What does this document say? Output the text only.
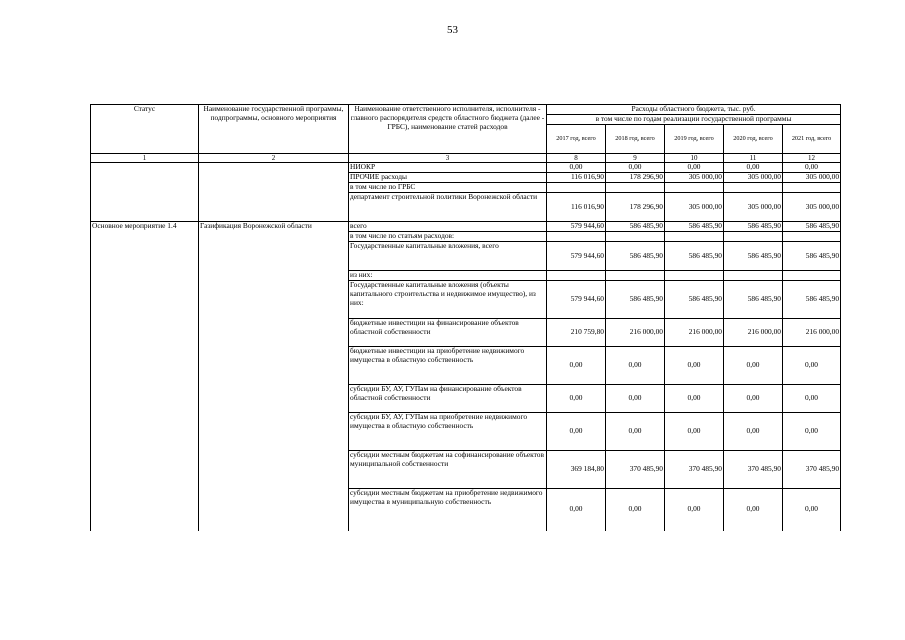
53
Статус	Наименование государственной программы, подпрограммы, основного мероприятия	Наименование ответственного исполнителя, исполнителя - главного распорядителя средств областного бюджета (далее - ГРБС), наименование статей расходов	Расходы областного бюджета, тыс. руб.				
			в том числе по годам реализации государственной программы				
			2017 год, всего	2018 год, всего	2019 год, всего	2020 год, всего	2021 год, всего
1	2	3	8	9	10	11	12
		НИОКР	0,00	0,00	0,00	0,00	0,00
		ПРОЧИЕ расходы	116 016,90	178 296,90	305 000,00	305 000,00	305 000,00
		в том числе по ГРБС					
		департамент строительной политики Воронежской области	116 016,90	178 296,90	305 000,00	305 000,00	305 000,00
Основное мероприятие 1.4	Газификация Воронежской области	всего	579 944,60	586 485,90	586 485,90	586 485,90	586 485,90
		в том числе по статьям расходов:					
		Государственные капитальные вложения, всего	579 944,60	586 485,90	586 485,90	586 485,90	586 485,90
		из них:					
		Государственные капитальные вложения (объекты капитального строительства и недвижимое имущество), из них:	579 944,60	586 485,90	586 485,90	586 485,90	586 485,90
		бюджетные инвестиции на финансирование объектов областной собственности	210 759,80	216 000,00	216 000,00	216 000,00	216 000,00
		бюджетные инвестиции на приобретение недвижимого имущества в областную собственность	0,00	0,00	0,00	0,00	0,00
		субсидии БУ, АУ, ГУПам на финансирование объектов областной собственности	0,00	0,00	0,00	0,00	0,00
		субсидии БУ, АУ, ГУПам на приобретение недвижимого имущества в областную собственность	0,00	0,00	0,00	0,00	0,00
		субсидии местным бюджетам на софинансирование объектов муниципальной собственности	369 184,80	370 485,90	370 485,90	370 485,90	370 485,90
		субсидии местным бюджетам на приобретение недвижимого имущества в муниципальную собственность	0,00	0,00	0,00	0,00	0,00
